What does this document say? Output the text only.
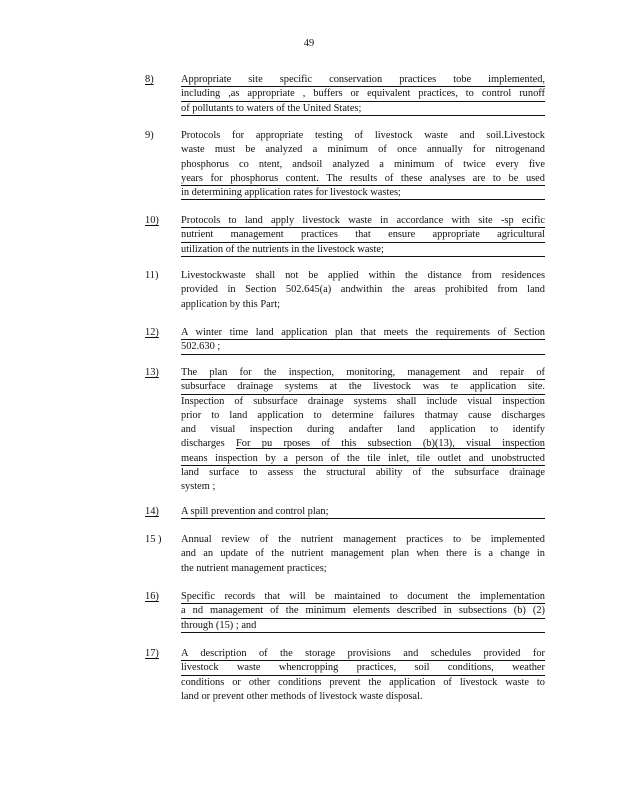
49
8)	Appropriate site specific conservation practices tobe implemented,
including ,as appropriate , buffers or equivalent practices, to control runoff
of pollutants to waters of the United States;
9)	Protocols for appropriate testing of livestock waste and soil.Livestock
waste must be analyzed a minimum of once annually for nitrogenand
phosphorus co ntent, andsoil analyzed a minimum of twice every five
years for phosphorus content. The results of these analyses are to be used
in determining application rates for livestock wastes;
10)	Protocols to land apply livestock waste in accordance with site -sp ecific
nutrient management practices that ensure appropriate agricultural
utilization of the nutrients in the livestock waste;
11)	Livestockwaste shall not be applied within the distance from residences
provided in Section 502.645(a) andwithin the areas prohibited from land
application by this Part;
12)	A winter time land application plan that meets the requirements of Section
502.630 ;
13)	The plan for the inspection, monitoring, management and repair of
subsurface drainage systems at the livestock was te application site.
Inspection of subsurface drainage systems shall include visual inspection
prior to land application to determine failures thatmay cause discharges
and visual inspection during andafter land application to identify
discharges For pu rposes of this subsection (b)(13), visual inspection
means inspection by a person of the tile inlet, tile outlet and unobstructed
land surface to assess the structural ability of the subsurface drainage
system ;
14)	A spill prevention and control plan;
15 )	Annual review of the nutrient management practices to be implemented
and an update of the nutrient management plan when there is a change in
the nutrient management practices;
16)	Specific records that will be maintained to document the implementation
a nd management of the minimum elements described in subsections (b) (2)
through (15) ; and
17)	A description of the storage provisions and schedules provided for
livestock waste whencropping practices, soil conditions, weather
conditions or other conditions prevent the application of livestock waste to
land or prevent other methods of livestock waste disposal.
